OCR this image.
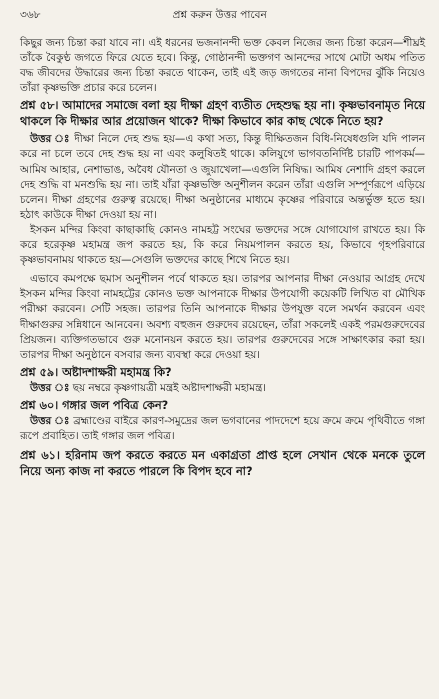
৩৬৮	প্রশ্ন করুন উত্তর পাবেন

কিছুর জন্য চিন্তা করা যাবে না। এই ধরনের ভজনানন্দী ভক্ত কেবল নিজের জন্য চিন্তা করেন—শীঘ্রই তাঁকে বৈকুণ্ঠ জগতে ফিরে যেতে হবে। কিন্তু, গোষ্ঠানন্দী ভক্তগণ আনন্দের সাথে মোটা অধম পতিত বদ্ধ জীবদের উদ্ধারের জন্য চিন্তা করতে থাকেন, তাই এই জড় জগতের নানা বিপদের ঝুঁকি নিয়েও তাঁরা কৃষ্ণভক্তি প্রচার করে চলেন।

প্রশ্ন ৫৮। আমাদের সমাজে বলা হয় দীক্ষা গ্রহণ ব্যতীত দেহশুদ্ধ হয় না। কৃষ্ণভাবনামৃত নিয়ে থাকলে কি দীক্ষার আর প্রয়োজন থাকে? দীক্ষা কিভাবে কার কাছ থেকে নিতে হয়?

উত্তর ঃ দীক্ষা নিলে দেহ শুদ্ধ হয়—এ কথা সত্য, কিন্তু দীক্ষিতজন বিধি-নিষেধগুলি যদি পালন করে না চলে তবে দেহ শুদ্ধ হয় না এবং কলুষিতই থাকে। কলিযুগে ভাগবতনির্দিষ্ট চারটি পাপকর্ম—আমিষ আহার, নেশাভাঙ, অবৈধ যৌনতা ও জুয়াখেলা—এগুলি নিষিদ্ধ। আমিষ নেশাদি গ্রহণ করলে দেহ শুদ্ধি বা মনশুদ্ধি হয় না। তাই যাঁরা কৃষ্ণভক্তি অনুশীলন করেন তাঁরা এগুলি সম্পূর্ণরূপে এড়িয়ে চলেন। দীক্ষা গ্রহণের গুরুত্ব রয়েছে। দীক্ষা অনুষ্ঠানের মাধ্যমে কৃষ্ণের পরিবারে অন্তর্ভুক্ত হতে হয়। হঠাৎ কাউকে দীক্ষা দেওয়া হয় না।

ইসকন মন্দির কিংবা কাছাকাছি কোনও নামহট্ট সংঘের ভক্তদের সঙ্গে যোগাযোগ রাখতে হয়। কি করে হরেকৃষ্ণ মহামন্ত্র জপ করতে হয়, কি করে নিয়মপালন করতে হয়, কিভাবে গৃহপরিবারে কৃষ্ণভাবনাময় থাকতে হয়—সেগুলি ভক্তদের কাছে শিখে নিতে হয়।

এভাবে কমপক্ষে ছমাস অনুশীলন পর্বে থাকতে হয়। তারপর আপনার দীক্ষা নেওয়ার আগ্রহ দেখে ইসকন মন্দির কিংবা নামহট্টের কোনও ভক্ত আপনাকে দীক্ষার উপযোগী কয়েকটি লিখিত বা মৌখিক পরীক্ষা করবেন। সেটি সহজ। তারপর তিনি আপনাকে দীক্ষার উপযুক্ত বলে সমর্থন করবেন এবং দীক্ষাগুরুর সন্নিধানে আনবেন। অবশ্য বহুজন গুরুদেব রয়েছেন, তাঁরা সকলেই একই পরমগুরুদেবের প্রিয়জন। ব্যক্তিগতভাবে গুরু মনোনয়ন করতে হয়। তারপর গুরুদেবের সঙ্গে সাক্ষাৎকার করা হয়। তারপর দীক্ষা অনুষ্ঠানে বসবার জন্য ব্যবস্থা করে দেওয়া হয়।

প্রশ্ন ৫৯। অষ্টাদশাক্ষরী মহামন্ত্র কি?

উত্তর ঃ ছয় নম্বরে কৃষ্ণগায়ত্রী মন্ত্রই অষ্টাদশাক্ষরী মহামন্ত্র।

প্রশ্ন ৬০। গঙ্গার জল পবিত্র কেন?

উত্তর ঃ ব্রহ্মাণ্ডের বাইরে কারণ-সমুদ্রের জল ভগবানের পাদদেশে হয়ে ক্রমে ক্রমে পৃথিবীতে গঙ্গা রূপে প্রবাহিত। তাই গঙ্গার জল পবিত্র।

প্রশ্ন ৬১। হরিনাম জপ করতে করতে মন একাগ্রতা প্রাপ্ত হলে সেখান থেকে মনকে তুলে নিয়ে অন্য কাজ না করতে পারলে কি বিপদ হবে না?
